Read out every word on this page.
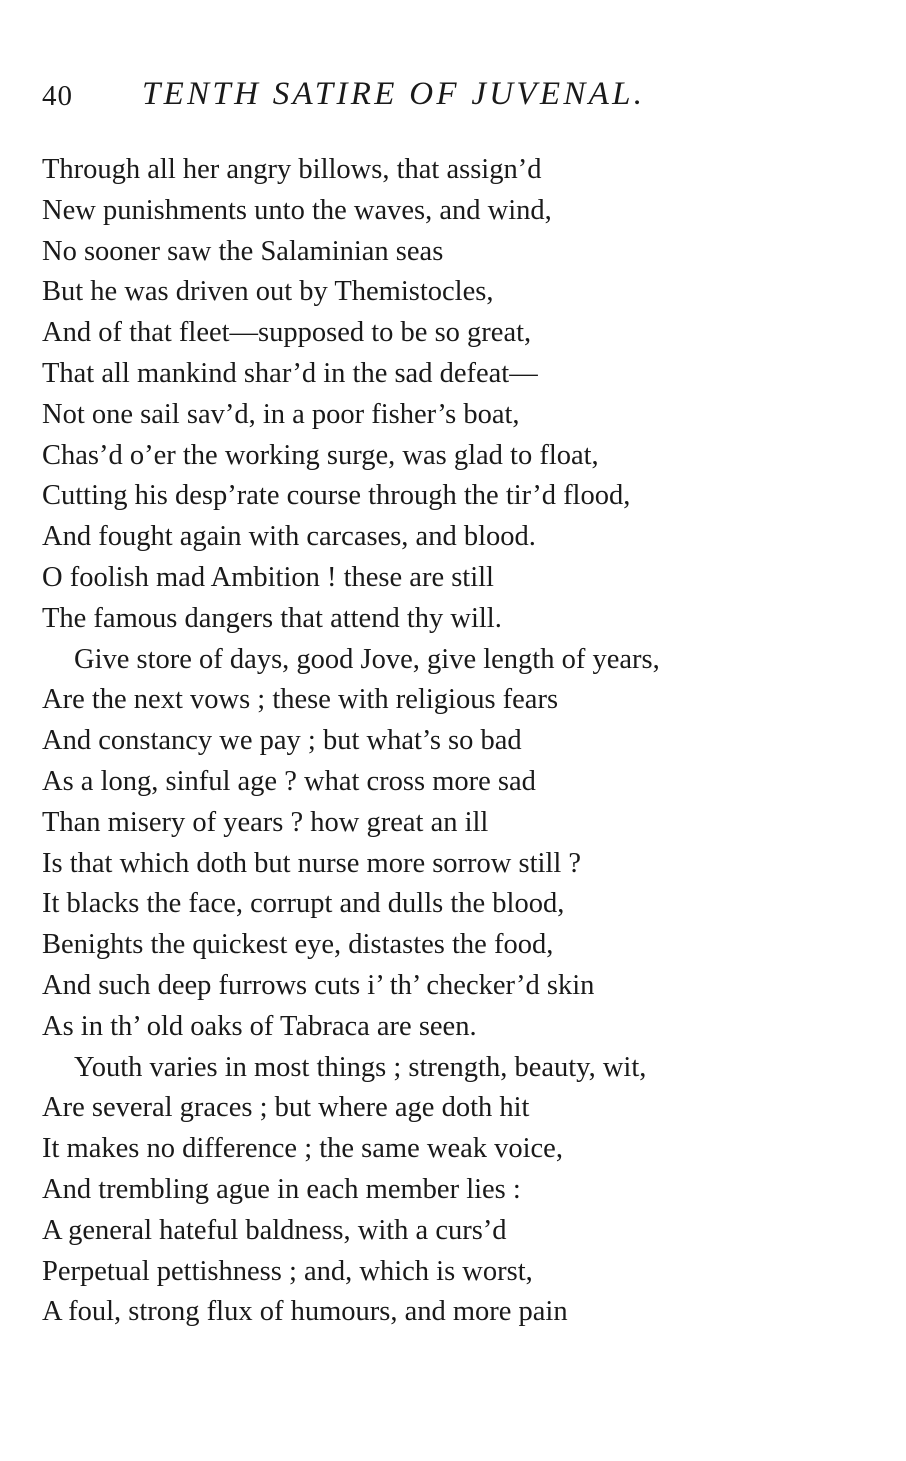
40 TENTH SATIRE OF JUVENAL.
Through all her angry billows, that assign’d
New punishments unto the waves, and wind,
No sooner saw the Salaminian seas
But he was driven out by Themistocles,
And of that fleet—supposed to be so great,
That all mankind shar’d in the sad defeat—
Not one sail sav’d, in a poor fisher’s boat,
Chas’d o’er the working surge, was glad to float,
Cutting his desp’rate course through the tir’d flood,
And fought again with carcases, and blood.
O foolish mad Ambition ! these are still
The famous dangers that attend thy will.
Give store of days, good Jove, give length of years,
Are the next vows ; these with religious fears
And constancy we pay ; but what’s so bad
As a long, sinful age ? what cross more sad
Than misery of years ? how great an ill
Is that which doth but nurse more sorrow still ?
It blacks the face, corrupt and dulls the blood,
Benights the quickest eye, distastes the food,
And such deep furrows cuts i’ th’ checker’d skin
As in th’ old oaks of Tabraca are seen.
Youth varies in most things ; strength, beauty, wit,
Are several graces ; but where age doth hit
It makes no difference ; the same weak voice,
And trembling ague in each member lies :
A general hateful baldness, with a curs’d
Perpetual pettishness ; and, which is worst,
A foul, strong flux of humours, and more pain
